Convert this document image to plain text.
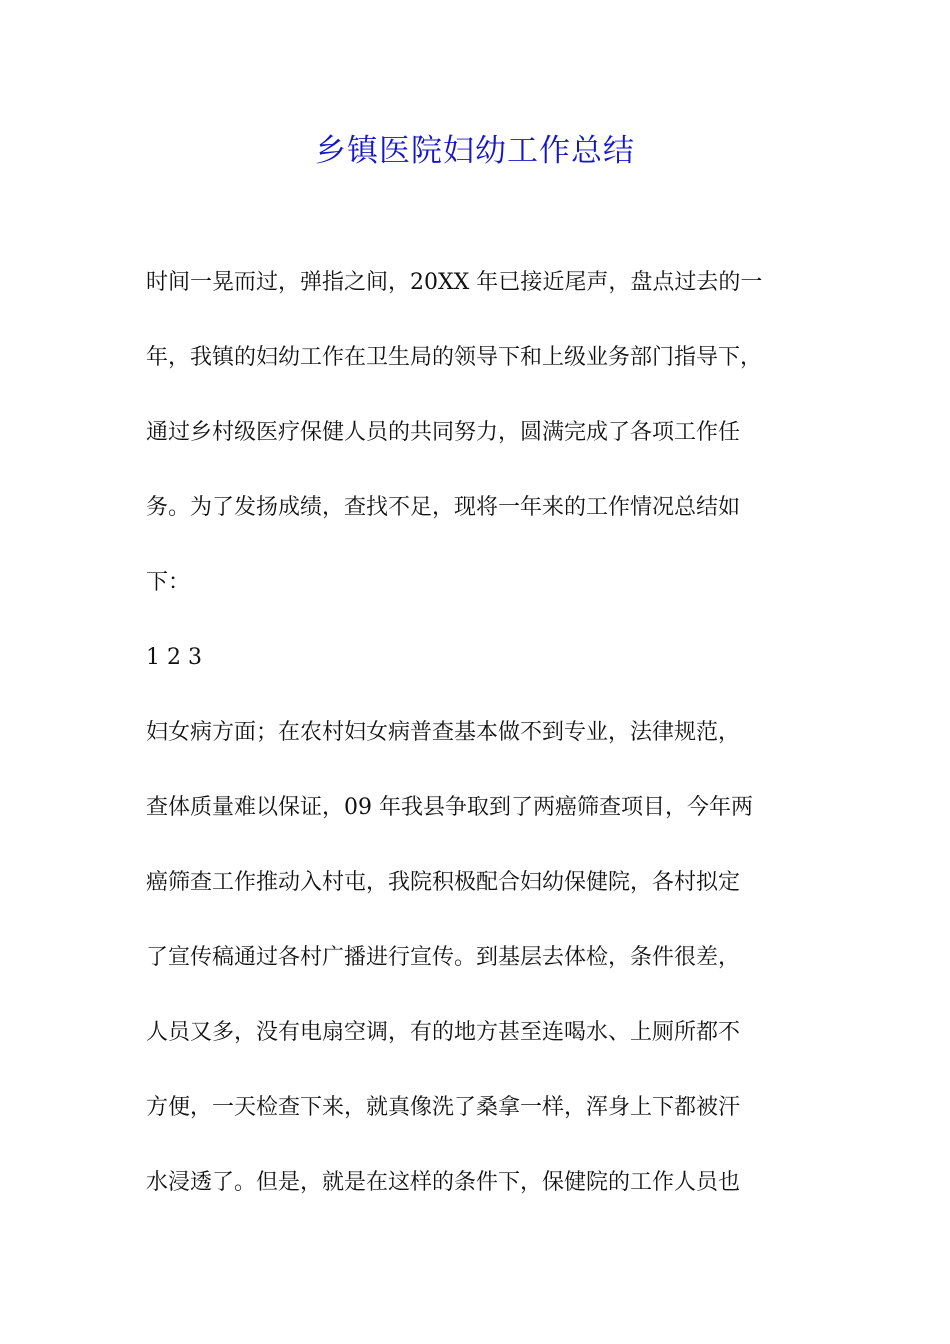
乡镇医院妇幼工作总结
时间一晃而过，弹指之间，20XX 年已接近尾声，盘点过去的一
年，我镇的妇幼工作在卫生局的领导下和上级业务部门指导下，
通过乡村级医疗保健人员的共同努力，圆满完成了各项工作任
务。为了发扬成绩，查找不足，现将一年来的工作情况总结如
下：
1 2 3
妇女病方面；在农村妇女病普查基本做不到专业，法律规范，
查体质量难以保证，09 年我县争取到了两癌筛查项目，今年两
癌筛查工作推动入村屯，我院积极配合妇幼保健院，各村拟定
了宣传稿通过各村广播进行宣传。到基层去体检，条件很差，
人员又多，没有电扇空调，有的地方甚至连喝水、上厕所都不
方便，一天检查下来，就真像洗了桑拿一样，浑身上下都被汗
水浸透了。但是，就是在这样的条件下，保健院的工作人员也
